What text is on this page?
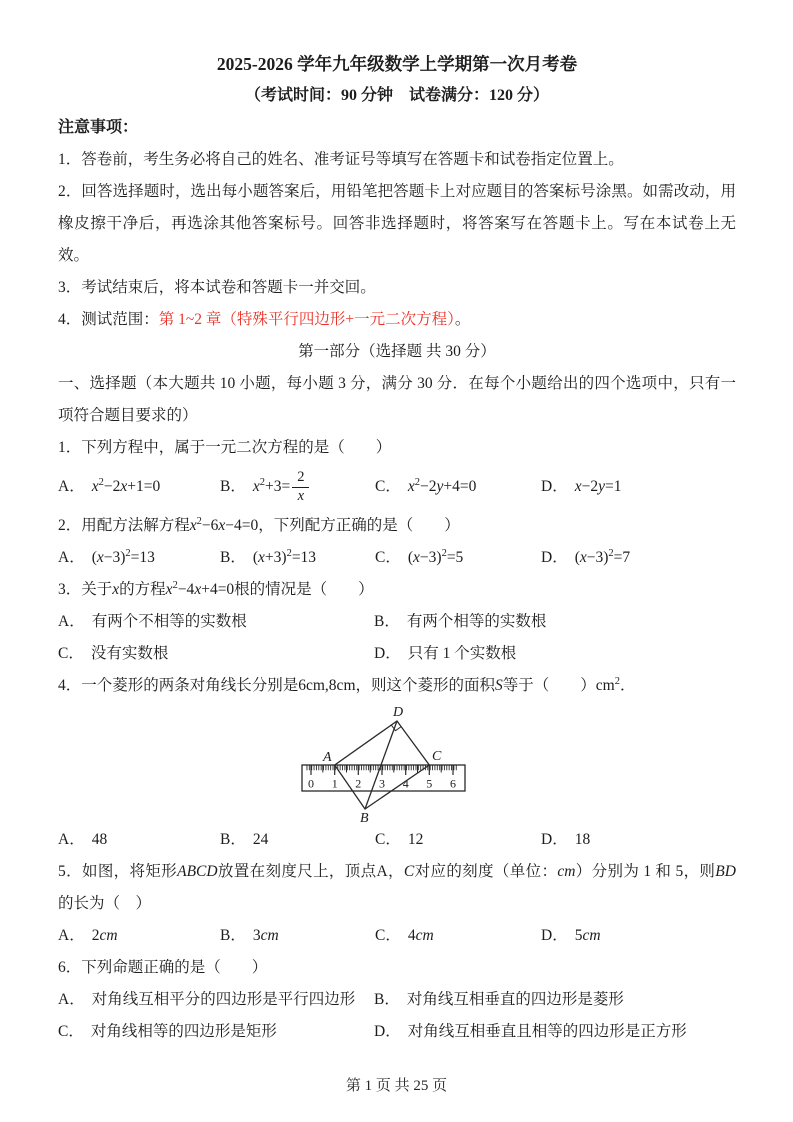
2025-2026 学年九年级数学上学期第一次月考卷

（考试时间：90 分钟　试卷满分：120 分）

注意事项：

1．答卷前，考生务必将自己的姓名、准考证号等填写在答题卡和试卷指定位置上。

2．回答选择题时，选出每小题答案后，用铅笔把答题卡上对应题目的答案标号涂黑。如需改动，用橡皮擦干净后，再选涂其他答案标号。回答非选择题时，将答案写在答题卡上。写在本试卷上无效。

3．考试结束后，将本试卷和答题卡一并交回。

4．测试范围：第 1~2 章（特殊平行四边形+一元二次方程）。

第一部分（选择题 共 30 分）

一、选择题（本大题共 10 小题，每小题 3 分，满分 30 分．在每个小题给出的四个选项中，只有一项符合题目要求的）

1．下列方程中，属于一元二次方程的是（　　）

A． $x^2-2x+1=0$	B． $x^2+3= \frac{2}{x}$	C． $x^2-2y+4=0$	D． x−2y=1

2．用配方法解方程$x^2-6x-4=0$，下列配方正确的是（　　）

A． $(x-3)^2=13$	B． $(x+3)^2=13$	C． $(x-3)^2=5$	D． $(x-3)^2=7$

3．关于x的方程$x^2-4x+4=0$根的情况是（　　）

A． 有两个不相等的实数根	B． 有两个相等的实数根
C． 没有实数根	D． 只有 1 个实数根

4．一个菱形的两条对角线长分别是6cm,8cm，则这个菱形的面积S等于（　　）$cm^2$．

0 1 2 3 4 5 6
A
B
C
D
A． 48	B． 24	C． 12	D． 18

5．如图，将矩形ABCD放置在刻度尺上，顶点A，C对应的刻度（单位：cm）分别为 1 和 5，则BD的长为（　）

A． 2cm	B． 3cm	C． 4cm	D． 5cm

6．下列命题正确的是（　　）

A． 对角线互相平分的四边形是平行四边形	B． 对角线互相垂直的四边形是菱形
C． 对角线相等的四边形是矩形	D． 对角线互相垂直且相等的四边形是正方形
第 1 页 共 25 页
